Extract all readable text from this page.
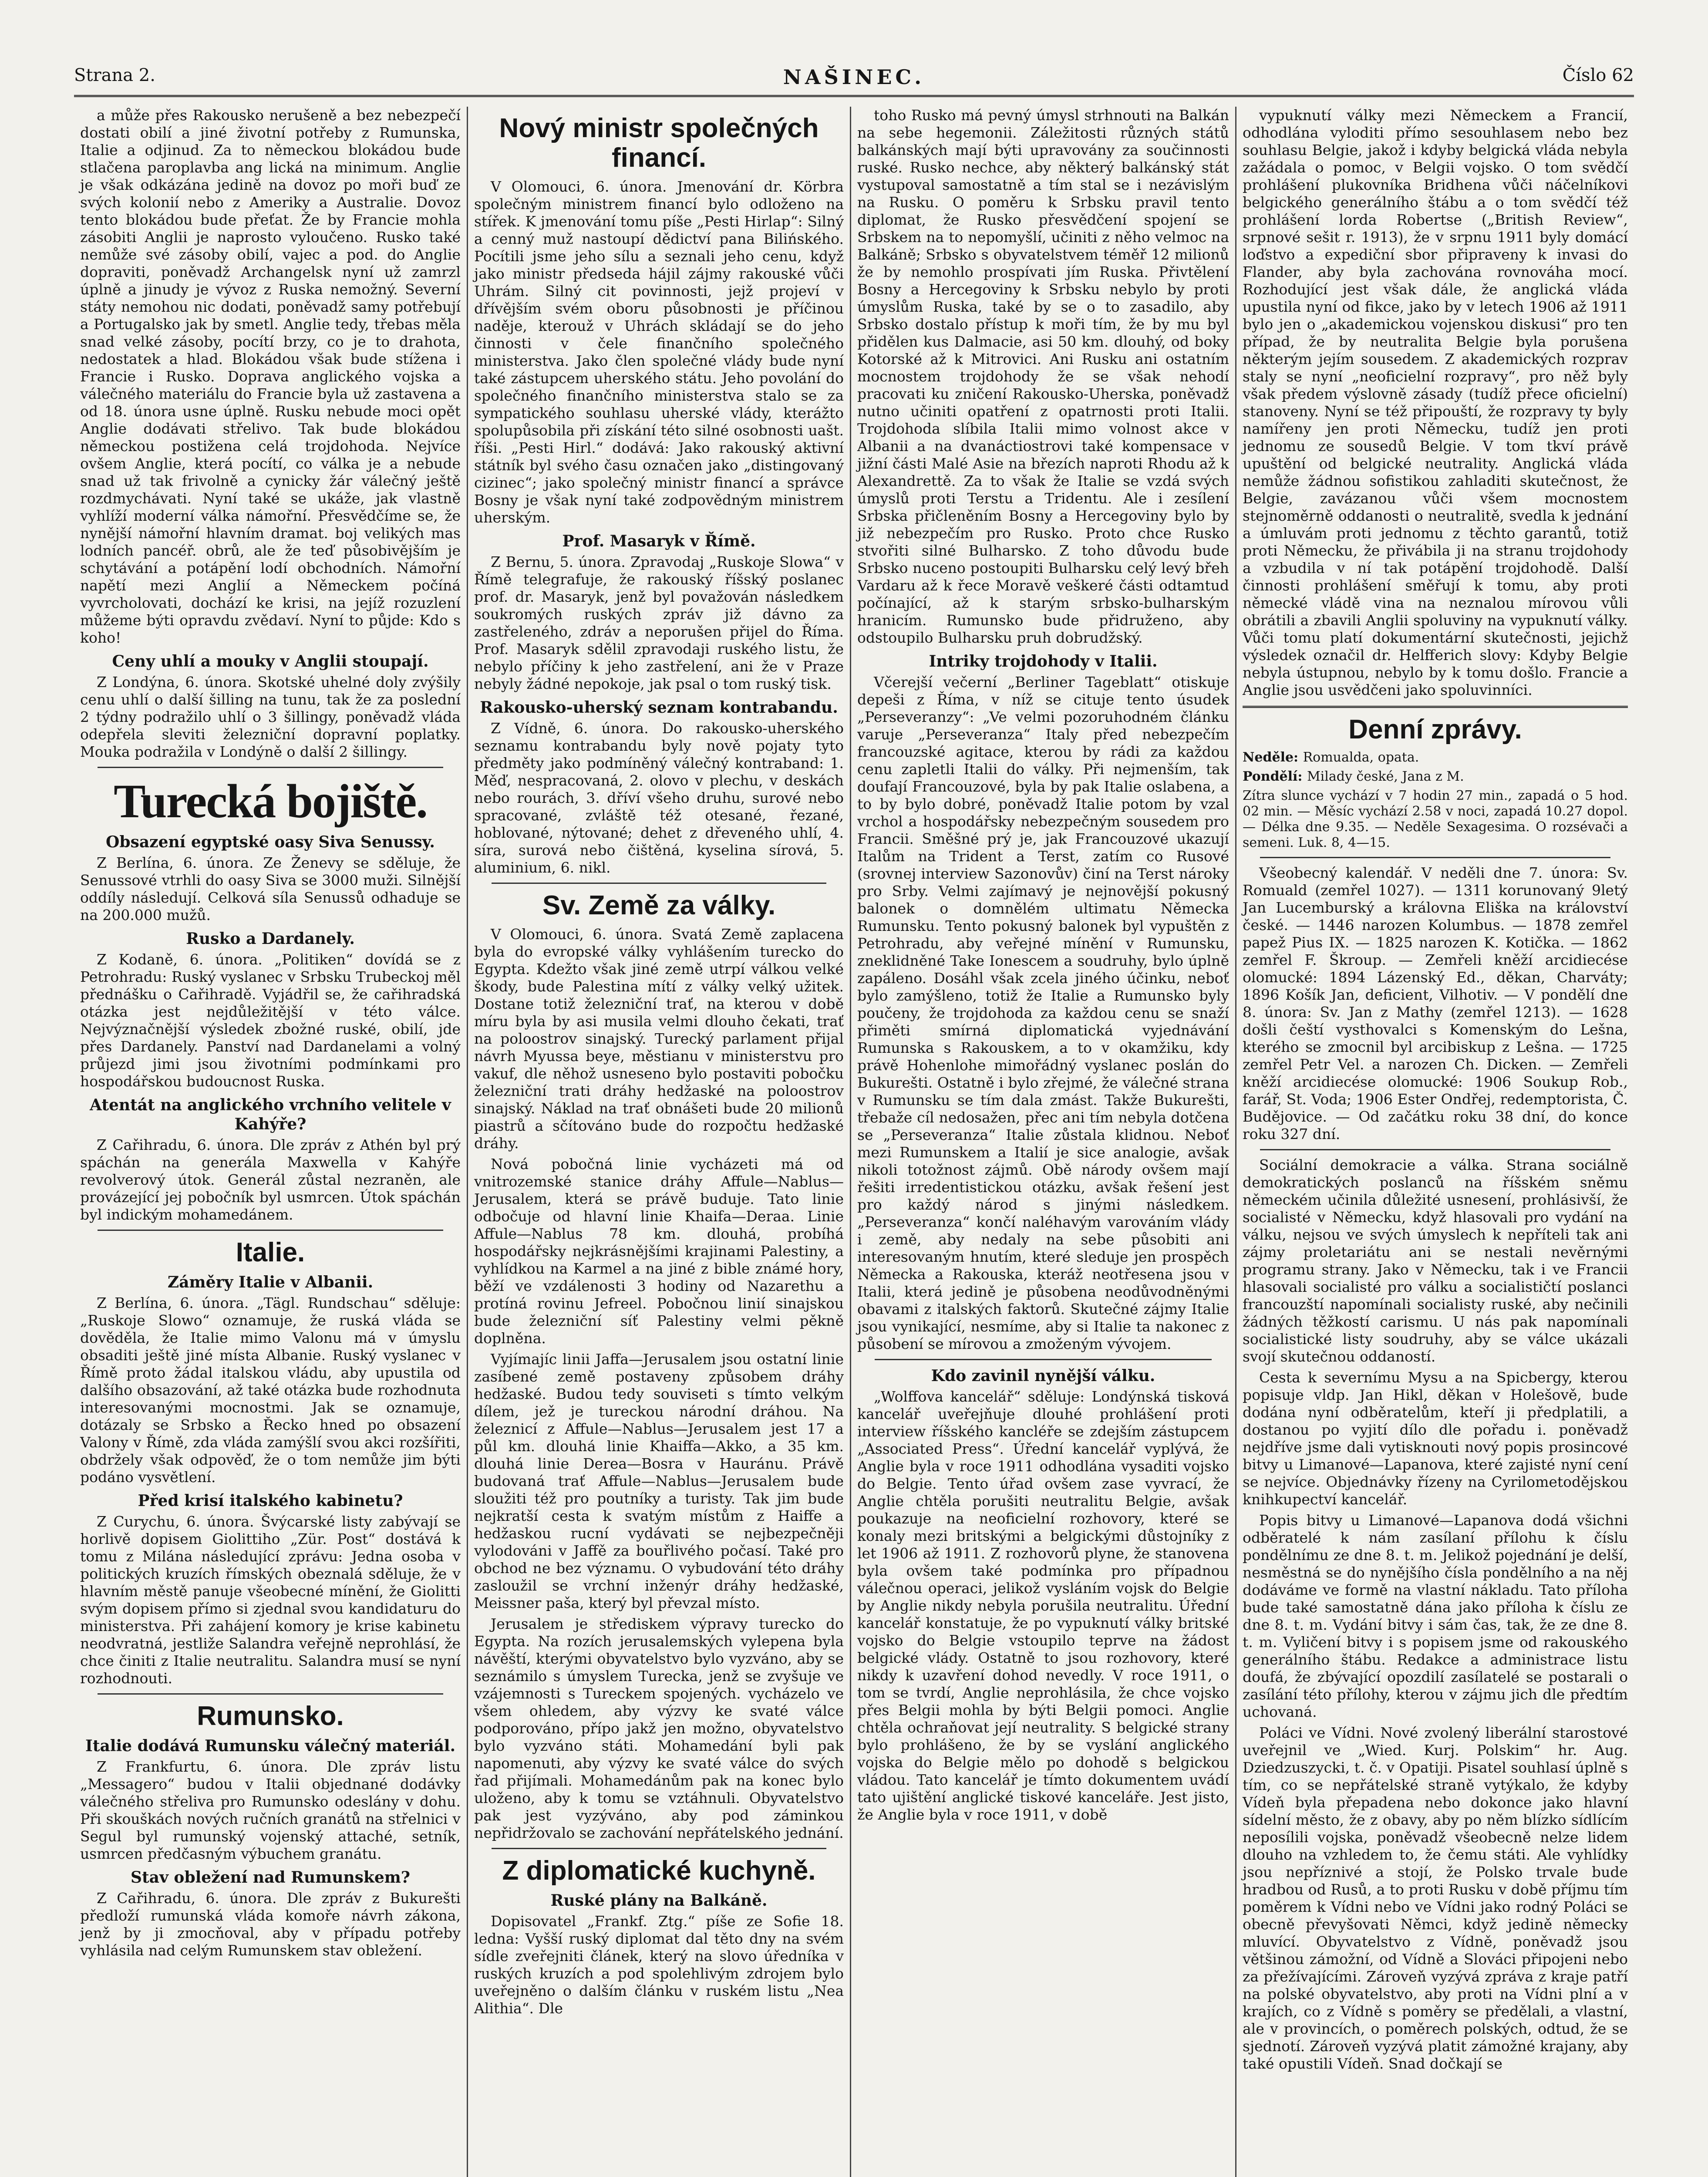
Strana 2.	NAŠINEC.	Číslo 62

a může přes Rakousko nerušeně a bez nebezpečí dostati obilí a jiné životní potřeby z Rumunska, Italie a odjinud. Za to německou blokádou bude stlačena paroplavba ang lická na minimum. Anglie je však odkázána jedině na dovoz po moři buď ze svých kolonií nebo z Ameriky a Australie. Dovoz tento blokádou bude přeťat. Že by Francie mohla zásobiti Anglii je naprosto vyloučeno. Rusko také nemůže své zásoby obilí, vajec a pod. do Anglie dopraviti, poněvadž Archangelsk nyní už zamrzl úplně a jinudy je vývoz z Ruska nemožný. Severní státy nemohou nic dodati, poněvadž samy potřebují a Portugalsko jak by smetl. Anglie tedy, třebas měla snad velké zásoby, pocítí brzy, co je to drahota, nedostatek a hlad. Blokádou však bude stížena i Francie i Rusko. Doprava anglického vojska a válečného materiálu do Francie byla už zastavena a od 18. února usne úplně. Rusku nebude moci opět Anglie dodávati střelivo. Tak bude blokádou německou postižena celá trojdohoda. Nejvíce ovšem Anglie, která pocítí, co válka je a nebude snad už tak frivolně a cynicky žár válečný ještě rozdmychávati. Nyní také se ukáže, jak vlastně vyhlíží moderní válka námořní. Přesvědčíme se, že nynější námořní hlavním dramat. boj velikých mas lodních pancéř. obrů, ale že teď působivějším je schytávání a potápění lodí obchodních. Námořní napětí mezi Anglií a Německem počíná vyvrcholovati, dochází ke krisi, na jejíž rozuzlení můžeme býti opravdu zvědaví. Nyní to půjde: Kdo s koho!

Ceny uhlí a mouky v Anglii stoupají.

Z Londýna, 6. února. Skotské uhelné doly zvýšily cenu uhlí o další šilling na tunu, tak že za poslední 2 týdny podražilo uhlí o 3 šillingy, poněvadž vláda odepřela sleviti železniční dopravní poplatky. Mouka podražila v Londýně o další 2 šillingy.

Turecká bojiště.
Obsazení egyptské oasy Siva Senussy.

Z Berlína, 6. února. Ze Ženevy se sděluje, že Senussové vtrhli do oasy Siva se 3000 muži. Silnější oddíly následují. Celková síla Senussů odhaduje se na 200.000 mužů.

Rusko a Dardanely.

Z Kodaně, 6. února. „Politiken“ dovídá se z Petrohradu: Ruský vyslanec v Srbsku Trubeckoj měl přednášku o Cařihradě. Vyjádřil se, že cařihradská otázka jest nejdůležitější v této válce. Nejvýznačnější výsledek zbožné ruské, obilí, jde přes Dardanely. Panství nad Dardanelami a volný průjezd jimi jsou životními podmínkami pro hospodářskou budoucnost Ruska.

Atentát na anglického vrchního velitele v Kahýře?

Z Cařihradu, 6. února. Dle zpráv z Athén byl prý spáchán na generála Maxwella v Kahýře revolverový útok. Generál zůstal nezraněn, ale provázející jej pobočník byl usmrcen. Útok spáchán byl indickým mohamedánem.

Italie.
Záměry Italie v Albanii.

Z Berlína, 6. února. „Tägl. Rundschau“ sděluje: „Ruskoje Slowo“ oznamuje, že ruská vláda se dověděla, že Italie mimo Valonu má v úmyslu obsaditi ještě jiné místa Albanie. Ruský vyslanec v Římě proto žádal italskou vládu, aby upustila od dalšího obsazování, až také otázka bude rozhodnuta interesovanými mocnostmi. Jak se oznamuje, dotázaly se Srbsko a Řecko hned po obsazení Valony v Římě, zda vláda zamýšlí svou akci rozšířiti, obdržely však odpověď, že o tom nemůže jim býti podáno vysvětlení.

Před krisí italského kabinetu?

Z Curychu, 6. února. Švýcarské listy zabývají se horlivě dopisem Giolittiho „Zür. Post“ dostává k tomu z Milána následující zprávu: Jedna osoba v politických kruzích římských obeznalá sděluje, že v hlavním městě panuje všeobecné mínění, že Giolitti svým dopisem přímo si zjednal svou kandidaturu do ministerstva. Při zahájení komory je krise kabinetu neodvratná, jestliže Salandra veřejně neprohlásí, že chce činiti z Italie neutralitu. Salandra musí se nyní rozhodnouti.

Rumunsko.
Italie dodává Rumunsku válečný materiál.

Z Frankfurtu, 6. února. Dle zpráv listu „Messagero“ budou v Italii objednané dodávky válečného střeliva pro Rumunsko odeslány v dohu. Při skouškách nových ručních granátů na střelnici v Segul byl rumunský vojenský attaché, setník, usmrcen předčasným výbuchem granátu.

Stav obležení nad Rumunskem?

Z Cařihradu, 6. února. Dle zpráv z Bukurešti předloží rumunská vláda komoře návrh zákona, jenž by ji zmocňoval, aby v případu potřeby vyhlásila nad celým Rumunskem stav obležení.

Nový ministr společných financí.

V Olomouci, 6. února. Jmenování dr. Körbra společným ministrem financí bylo odloženo na stířek. K jmenování tomu píše „Pesti Hirlap“: Silný a cenný muž nastoupí dědictví pana Bilińského. Pocítili jsme jeho sílu a seznali jeho cenu, když jako ministr předseda hájil zájmy rakouské vůči Uhrám. Silný cit povinnosti, jejž projeví v dřívějším svém oboru působnosti je příčinou naděje, kterouž v Uhrách skládají se do jeho činnosti v čele finančního společného ministerstva. Jako člen společné vlády bude nyní také zástupcem uherského státu. Jeho povolání do společného finančního ministerstva stalo se za sympatického souhlasu uherské vlády, kterážto spolupůsobila při získání této silné osobnosti uašt. říši. „Pesti Hirl.“ dodává: Jako rakouský aktivní státník byl svého času označen jako „distingovaný cizinec“; jako společný ministr financí a správce Bosny je však nyní také zodpovědným ministrem uherským.

Prof. Masaryk v Římě.

Z Bernu, 5. února. Zpravodaj „Ruskoje Slowa“ v Římě telegrafuje, že rakouský říšský poslanec prof. dr. Masaryk, jenž byl považován následkem soukromých ruských zpráv již dávno za zastřeleného, zdráv a neporušen přijel do Říma. Prof. Masaryk sdělil zpravodaji ruského listu, že nebylo příčiny k jeho zastřelení, ani že v Praze nebyly žádné nepokoje, jak psal o tom ruský tisk.

Rakousko-uherský seznam kontrabandu.

Z Vídně, 6. února. Do rakousko-uherského seznamu kontrabandu byly nově pojaty tyto předměty jako podmíněný válečný kontraband: 1. Měď, nespracovaná, 2. olovo v plechu, v deskách nebo rourách, 3. dříví všeho druhu, surové nebo spracované, zvláště též otesané, řezané, hoblované, nýtované; dehet z dřeveného uhlí, 4. síra, surová nebo čištěná, kyselina sírová, 5. aluminium, 6. nikl.

Sv. Země za války.

V Olomouci, 6. února. Svatá Země zaplacena byla do evropské války vyhlášením turecko do Egypta. Kdežto však jiné země utrpí válkou velké škody, bude Palestina mítí z války velký užitek. Dostane totiž železniční trať, na kterou v době míru byla by asi musila velmi dlouho čekati, trať na poloostrov sinajský. Turecký parlament přijal návrh Myussa beye, městianu v ministerstvu pro vakuf, dle něhož usneseno bylo postaviti pobočku železniční trati dráhy hedžaské na poloostrov sinajský. Náklad na trať obnášeti bude 20 milionů piastrů a sčítováno bude do rozpočtu hedžaské dráhy.

Nová pobočná linie vycházeti má od vnitrozemské stanice dráhy Affule—Nablus—Jerusalem, která se právě buduje. Tato linie odbočuje od hlavní linie Khaifa—Deraa. Linie Affule—Nablus 78 km. dlouhá, probíhá hospodářsky nejkrásnějšími krajinami Palestiny, a vyhlídkou na Karmel a na jiné z bible známé hory, běží ve vzdálenosti 3 hodiny od Nazarethu a protíná rovinu Jefreel. Pobočnou linií sinajskou bude železniční síť Palestiny velmi pěkně doplněna.

Vyjímajíc linii Jaffa—Jerusalem jsou ostatní linie zasíbené země postaveny způsobem dráhy hedžaské. Budou tedy souviseti s tímto velkým dílem, jež je tureckou národní dráhou. Na železnicí z Affule—Nablus—Jerusalem jest 17 a půl km. dlouhá linie Khaiffa—Akko, a 35 km. dlouhá linie Derea—Bosra v Hauránu. Právě budovaná trať Affule—Nablus—Jerusalem bude sloužiti též pro poutníky a turisty. Tak jim bude nejkratší cesta k svatým místům z Haiffe a hedžaskou rucní vydávati se nejbezpečněji vylodováni v Jaffě za bouřlivého počasí. Také pro obchod ne bez významu. O vybudování této dráhy zasloužil se vrchní inženýr dráhy hedžaské, Meissner paša, který byl převzal místo.

Jerusalem je střediskem výpravy turecko do Egypta. Na rozích jerusalemských vylepena byla návěští, kterými obyvatelstvo bylo vyzváno, aby se seznámilo s úmyslem Turecka, jenž se zvyšuje ve vzájemnosti s Tureckem spojených. vycházelo ve všem ohledem, aby výzvy ke svaté válce podporováno, přípo jakž jen možno, obyvatelstvo bylo vyzváno státi. Mohamedání byli pak napomenuti, aby výzvy ke svaté válce do svých řad přijímali. Mohamedánům pak na konec bylo uloženo, aby k tomu se vztáhnuli. Obyvatelstvo pak jest vyzýváno, aby pod záminkou nepřidržovalo se zachování nepřátelského jednání.

Z diplomatické kuchyně.
Ruské plány na Balkáně.

Dopisovatel „Frankf. Ztg.“ píše ze Sofie 18. ledna: Vyšší ruský diplomat dal těto dny na svém sídle zveřejniti článek, který na slovo úředníka v ruských kruzích a pod spolehlivým zdrojem bylo uveřejněno o dalším článku v ruském listu „Nea Alithia“. Dle

toho Rusko má pevný úmysl strhnouti na Balkán na sebe hegemonii. Záležitosti různých států balkánských mají býti upravovány za součinnosti ruské. Rusko nechce, aby některý balkánský stát vystupoval samostatně a tím stal se i nezávislým na Rusku. O poměru k Srbsku pravil tento diplomat, že Rusko přesvědčení spojení se Srbskem na to nepomyšlí, učiniti z něho velmoc na Balkáně; Srbsko s obyvatelstvem téměř 12 milionů že by nemohlo prospívati jím Ruska. Přivtělení Bosny a Hercegoviny k Srbsku nebylo by proti úmyslům Ruska, také by se o to zasadilo, aby Srbsko dostalo přístup k moři tím, že by mu byl přidělen kus Dalmacie, asi 50 km. dlouhý, od boky Kotorské až k Mitrovici. Ani Rusku ani ostatním mocnostem trojdohody že se však nehodí pracovati ku zničení Rakousko-Uherska, poněvadž nutno učiniti opatření z opatrnosti proti Italii. Trojdohoda slíbila Italii mimo volnost akce v Albanii a na dvanáctiostrovi také kompensace v jižní části Malé Asie na březích naproti Rhodu až k Alexandrettě. Za to však že Italie se vzdá svých úmyslů proti Terstu a Tridentu. Ale i zesílení Srbska přičleněním Bosny a Hercegoviny bylo by již nebezpečím pro Rusko. Proto chce Rusko stvořiti silné Bulharsko. Z toho důvodu bude Srbsko nuceno postoupiti Bulharsku celý levý břeh Vardaru až k řece Moravě veškeré části odtamtud počínající, až k starým srbsko-bulharským hranicím. Rumunsko bude přidruženo, aby odstoupilo Bulharsku pruh dobrudžský.

Intriky trojdohody v Italii.

Včerejší večerní „Berliner Tageblatt“ otiskuje depeši z Říma, v níž se cituje tento úsudek „Perseveranzy“: „Ve velmi pozoruhodném článku varuje „Perseveranza“ Italy před nebezpečím francouzské agitace, kterou by rádi za každou cenu zapletli Italii do války. Při nejmenším, tak doufají Francouzové, byla by pak Italie oslabena, a to by bylo dobré, poněvadž Italie potom by vzal vrchol a hospodářsky nebezpečným sousedem pro Francii. Směšné prý je, jak Francouzové ukazují Italům na Trident a Terst, zatím co Rusové (srovnej interview Sazonovův) činí na Terst nároky pro Srby. Velmi zajímavý je nejnovější pokusný balonek o domnělém ultimatu Německa Rumunsku. Tento pokusný balonek byl vypuštěn z Petrohradu, aby veřejné mínění v Rumunsku, zneklidněné Take Ionescem a soudruhy, bylo úplně zapáleno. Dosáhl však zcela jiného účinku, neboť bylo zamýšleno, totiž že Italie a Rumunsko byly poučeny, že trojdohoda za každou cenu se snaží přiměti smírná diplomatická vyjednávání Rumunska s Rakouskem, a to v okamžiku, kdy právě Hohenlohe mimořádný vyslanec poslán do Bukurešti. Ostatně i bylo zřejmé, že válečné strana v Rumunsku se tím dala zmást. Takže Bukurešti, třebaže cíl nedosažen, přec ani tím nebyla dotčena se „Perseveranza“ Italie zůstala klidnou. Neboť mezi Rumunskem a Italií je sice analogie, avšak nikoli totožnost zájmů. Obě národy ovšem mají řešiti irredentistickou otázku, avšak řešení jest pro každý národ s jinými následkem. „Perseveranza“ končí naléhavým varováním vlády i země, aby nedaly na sebe působiti ani interesovaným hnutím, které sleduje jen prospěch Německa a Rakouska, kteráž neotřesena jsou v Italii, která jedině je působena neodůvodněnými obavami z italských faktorů. Skutečné zájmy Italie jsou vynikající, nesmíme, aby si Italie ta nakonec z působení se mírovou a zmoženým vývojem.

Kdo zavinil nynější válku.

„Wolffova kancelář“ sděluje: Londýnská tisková kancelář uveřejňuje dlouhé prohlášení proti interview říšského kancléře se zdejším zástupcem „Associated Press“. Úřední kancelář vyplývá, že Anglie byla v roce 1911 odhodlána vysaditi vojsko do Belgie. Tento úřad ovšem zase vyvrací, že Anglie chtěla porušiti neutralitu Belgie, avšak poukazuje na neoficielní rozhovory, které se konaly mezi britskými a belgickými důstojníky z let 1906 až 1911. Z rozhovorů plyne, že stanovena byla ovšem také podmínka pro případnou válečnou operaci, jelikož vysláním vojsk do Belgie by Anglie nikdy nebyla porušila neutralitu. Úřední kancelář konstatuje, že po vypuknutí války britské vojsko do Belgie vstoupilo teprve na žádost belgické vlády. Ostatně to jsou rozhovory, které nikdy k uzavření dohod nevedly. V roce 1911, o tom se tvrdí, Anglie neprohlásila, že chce vojsko přes Belgii mohla by býti Belgii pomoci. Anglie chtěla ochraňovat její neutrality. S belgické strany bylo prohlášeno, že by se vyslání anglického vojska do Belgie mělo po dohodě s belgickou vládou. Tato kancelář je tímto dokumentem uvádí tato ujištění anglické tiskové kanceláře. Jest jisto, že Anglie byla v roce 1911, v době

vypuknutí války mezi Německem a Francií, odhodlána vyloditi přímo sesouhlasem nebo bez souhlasu Belgie, jakož i kdyby belgická vláda nebyla zažádala o pomoc, v Belgii vojsko. O tom svědčí prohlášení plukovníka Bridhena vůči náčelníkovi belgického generálního štábu a o tom svědčí též prohlášení lorda Robertse („British Review“, srpnové sešit r. 1913), že v srpnu 1911 byly domácí loďstvo a expediční sbor připraveny k invasi do Flander, aby byla zachována rovnováha mocí. Rozhodující jest však dále, že anglická vláda upustila nyní od fikce, jako by v letech 1906 až 1911 bylo jen o „akademickou vojenskou diskusi“ pro ten případ, že by neutralita Belgie byla porušena některým jejím sousedem. Z akademických rozprav staly se nyní „neoficielní rozpravy“, pro něž byly však předem výslovně zásady (tudíž přece oficielní) stanoveny. Nyní se též připouští, že rozpravy ty byly namířeny jen proti Německu, tudíž jen proti jednomu ze sousedů Belgie. V tom tkví právě upuštění od belgické neutrality. Anglická vláda nemůže žádnou sofistikou zahladiti skutečnost, že Belgie, zavázanou vůči všem mocnostem stejnoměrně oddanosti o neutralitě, svedla k jednání a úmluvám proti jednomu z těchto garantů, totiž proti Německu, že přivábila ji na stranu trojdohody a vzbudila v ní tak potápění trojdohodě. Další činnosti prohlášení směřují k tomu, aby proti německé vládě vina na neznalou mírovou vůli obrátili a zbavili Anglii spoluviny na vypuknutí války. Vůči tomu platí dokumentární skutečnosti, jejichž výsledek označil dr. Helfferich slovy: Kdyby Belgie nebyla ústupnou, nebylo by k tomu došlo. Francie a Anglie jsou usvědčeni jako spoluvinníci.

Denní zprávy.

Neděle: Romualda, opata.

Pondělí: Milady české, Jana z M.

Zítra slunce vychází v 7 hodin 27 min., zapadá o 5 hod. 02 min. — Měsíc vychází 2.58 v noci, zapadá 10.27 dopol. — Délka dne 9.35. — Neděle Sexagesima. O rozsévači a semeni. Luk. 8, 4—15.

Všeobecný kalendář. V neděli dne 7. února: Sv. Romuald (zemřel 1027). — 1311 korunovaný 9letý Jan Lucemburský a královna Eliška na království české. — 1446 narozen Kolumbus. — 1878 zemřel papež Pius IX. — 1825 narozen K. Kotička. — 1862 zemřel F. Škroup. — Zemřeli kněží arcidiecése olomucké: 1894 Lázenský Ed., děkan, Charváty; 1896 Košík Jan, deficient, Vilhotiv. — V pondělí dne 8. února: Sv. Jan z Mathy (zemřel 1213). — 1628 došli čeští vysthovalci s Komenským do Lešna, kterého se zmocnil byl arcibiskup z Lešna. — 1725 zemřel Petr Vel. a narozen Ch. Dicken. — Zemřeli kněží arcidiecése olomucké: 1906 Soukup Rob., farář, St. Voda; 1906 Ester Ondřej, redemptorista, Č. Budějovice. — Od začátku roku 38 dní, do konce roku 327 dní.

Sociální demokracie a válka. Strana sociálně demokratických poslanců na říšském sněmu německém učinila důležité usnesení, prohlásivší, že socialisté v Německu, když hlasovali pro vydání na válku, nejsou ve svých úmyslech k nepříteli tak ani zájmy proletariátu ani se nestali nevěrnými programu strany. Jako v Německu, tak i ve Francii hlasovali socialisté pro válku a socialističtí poslanci francouzští napomínali socialisty ruské, aby nečinili žádných těžkostí carismu. U nás pak napomínali socialistické listy soudruhy, aby se válce ukázali svojí skutečnou oddaností.

Cesta k severnímu Mysu a na Spicbergy, kterou popisuje vldp. Jan Hikl, děkan v Holešově, bude dodána nyní odběratelům, kteří ji předplatili, a dostanou po vyjití dílo dle pořadu i. poněvadž nejdříve jsme dali vytisknouti nový popis prosincové bitvy u Limanové—Lapanova, které zajisté nyní cení se nejvíce. Objednávky řízeny na Cyrilometodějskou knihkupectví kancelář.

Popis bitvy u Limanové—Lapanova dodá všichni odběratelé k nám zasílaní přílohu k číslu pondělnímu ze dne 8. t. m. Jelikož pojednání je delší, nesměstná se do nynějšího čísla pondělního a na něj dodáváme ve formě na vlastní nákladu. Tato příloha bude také samostatně dána jako příloha k číslu ze dne 8. t. m. Vydání bitvy i sám čas, tak, že ze dne 8. t. m. Vyličení bitvy i s popisem jsme od rakouského generálního štábu. Redakce a administrace listu doufá, že zbývající opozdilí zasílatelé se postarali o zasílání této přílohy, kterou v zájmu jich dle předtím uchovaná.

Poláci ve Vídni. Nové zvolený liberální starostové uveřejnil ve „Wied. Kurj. Polskim“ hr. Aug. Dziedzuszycki, t. č. v Opatiji. Pisatel souhlasí úplně s tím, co se nepřátelské straně vytýkalo, že kdyby Vídeň byla přepadena nebo dokonce jako hlavní sídelní město, že z obavy, aby po něm blízko sídlícím neposílili vojska, poněvadž všeobecně nelze lidem dlouho na vzhledem to, že čemu státi. Ale vyhlídky jsou nepříznivé a stojí, že Polsko trvale bude hradbou od Rusů, a to proti Rusku v době příjmu tím poměrem k Vídni nebo ve Vídni jako rodný Poláci se obecně převyšovati Němci, když jedině německy mluvící. Obyvatelstvo z Vídně, poněvadž jsou většinou zámožní, od Vídně a Slováci připojeni nebo za přežívajícími. Zároveň vyzývá zpráva z kraje patří na polské obyvatelstvo, aby proti na Vídni plní a v krajích, co z Vídně s poměry se předělali, a vlastní, ale v provincích, o poměrech polských, odtud, že se sjednotí. Zároveň vyzývá platit zámožné krajany, aby také opustili Vídeň. Snad dočkají se
